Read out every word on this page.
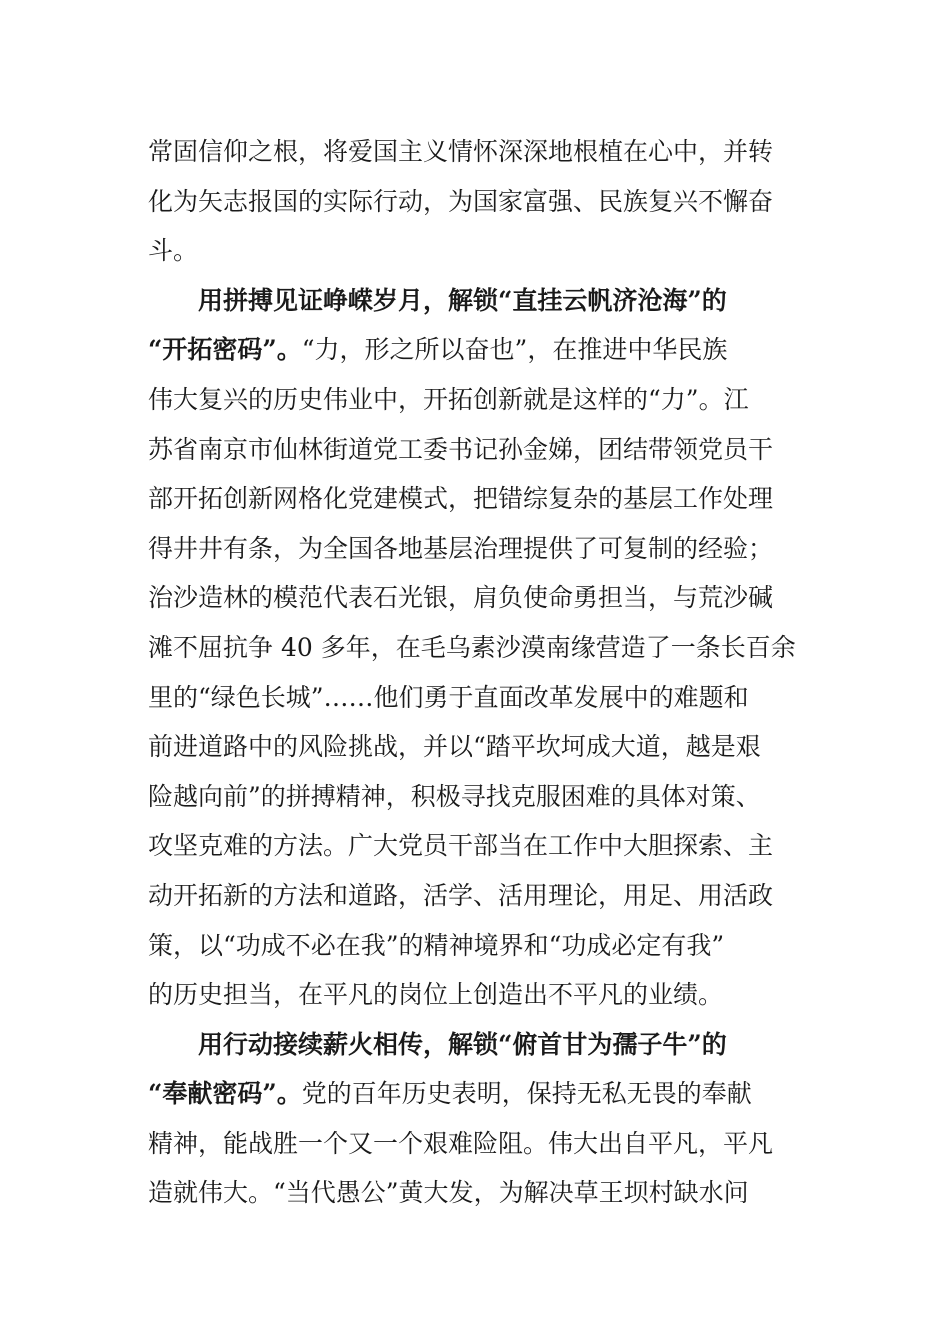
常固信仰之根，将爱国主义情怀深深地根植在心中，并转
化为矢志报国的实际行动，为国家富强、民族复兴不懈奋
斗。
用拼搏见证峥嵘岁月，解锁“直挂云帆济沧海”的
“开拓密码”。“力，形之所以奋也”，在推进中华民族
伟大复兴的历史伟业中，开拓创新就是这样的“力”。江
苏省南京市仙林街道党工委书记孙金娣，团结带领党员干
部开拓创新网格化党建模式，把错综复杂的基层工作处理
得井井有条，为全国各地基层治理提供了可复制的经验；
治沙造林的模范代表石光银，肩负使命勇担当，与荒沙碱
滩不屈抗争 40 多年，在毛乌素沙漠南缘营造了一条长百余
里的“绿色长城”……他们勇于直面改革发展中的难题和
前进道路中的风险挑战，并以“踏平坎坷成大道，越是艰
险越向前”的拼搏精神，积极寻找克服困难的具体对策、
攻坚克难的方法。广大党员干部当在工作中大胆探索、主
动开拓新的方法和道路，活学、活用理论，用足、用活政
策，以“功成不必在我”的精神境界和“功成必定有我”
的历史担当，在平凡的岗位上创造出不平凡的业绩。
用行动接续薪火相传，解锁“俯首甘为孺子牛”的
“奉献密码”。党的百年历史表明，保持无私无畏的奉献
精神，能战胜一个又一个艰难险阻。伟大出自平凡，平凡
造就伟大。“当代愚公”黄大发，为解决草王坝村缺水问
